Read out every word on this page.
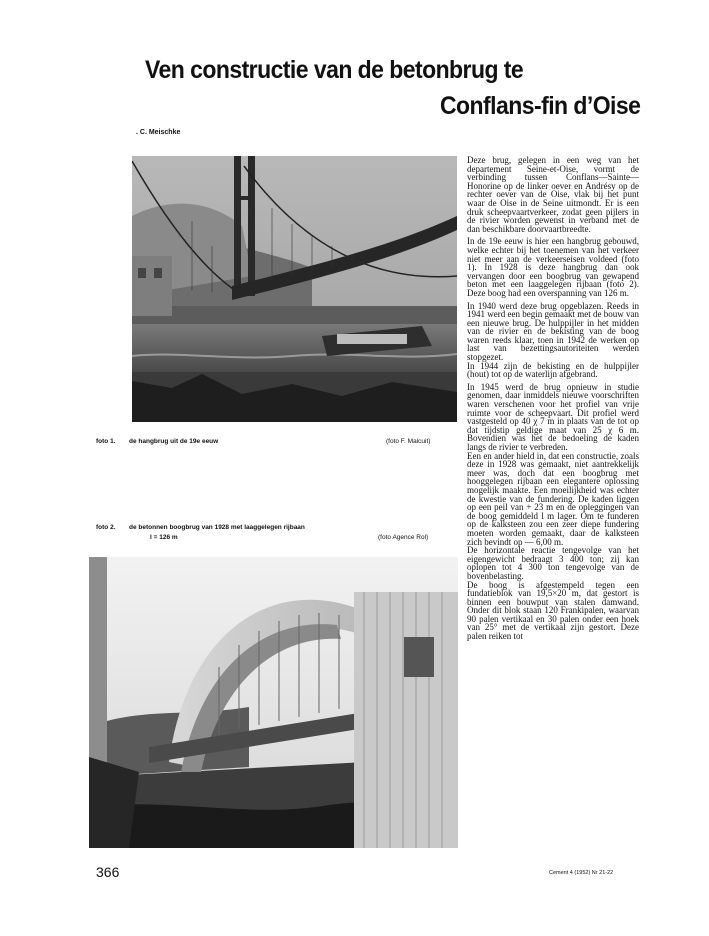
Ven constructie van de betonbrug te
Conflans-fin d’Oise
. C. Meischke
foto 1. de hangbrug uit de 19e eeuw	(foto F. Malcuit)
foto 2. de betonnen boogbrug van 1928 met laaggelegen rijbaan
l = 126 m	(foto Agence Rol)

Deze brug, gelegen in een weg van het departement Seine-et-Oise, vormt de verbinding tussen Conflans—Sainte—Honorine op de linker oever en Andrésy op de rechter oever van de Oise, vlak bij het punt waar de Oise in de Seine uitmondt. Er is een druk scheepvaartverkeer, zodat geen pijlers in de rivier worden gewenst in verband met de dan beschikbare doorvaartbreedte.

In de 19e eeuw is hier een hangbrug gebouwd, welke echter bij het toenemen van het verkeer niet meer aan de verkeerseisen voldeed (foto 1). In 1928 is deze hangbrug dan ook vervangen door een boogbrug van gewapend beton met een laaggelegen rijbaan (foto 2). Deze boog had een overspanning van 126 m.

In 1940 werd deze brug opgeblazen. Reeds in 1941 werd een begin gemaakt met de bouw van een nieuwe brug. De hulppijler in het midden van de rivier en de bekisting van de boog waren reeds klaar, toen in 1942 de werken op last van bezettingsautoriteiten werden stopgezet.

In 1944 zijn de bekisting en de hulppijler (hout) tot op de waterlijn afgebrand.

In 1945 werd de brug opnieuw in studie genomen, daar inmiddels nieuwe voorschriften waren verschenen voor het profiel van vrije ruimte voor de scheepvaart. Dit profiel werd vastgesteld op 40 χ 7 m in plaats van de tot op dat tijdstip geldige maat van 25 χ 6 m. Bovendien was het de bedoeling de kaden langs de rivier te verbreden.

Een en ander hield in, dat een constructie, zoals deze in 1928 was gemaakt, niet aantrekkelijk meer was, doch dat een boogbrug met hooggelegen rijbaan een elegantere oplossing mogelijk maakte. Een moeilijkheid was echter de kwestie van de fundering. De kaden liggen op een peil van + 23 m en de opleggingen van de boog gemiddeld l m lager. Om te funderen op de kalksteen zou een zeer diepe fundering moeten worden gemaakt, daar de kalksteen zich bevindt op — 6,00 m.

De horizontale reactie tengevolge van het eigengewicht bedraagt 3 400 ton; zij kan oplopen tot 4 300 ton tengevolge van de bovenbelasting.

De boog is afgestempeld tegen een fundatieblok van 19,5×20 m, dat gestort is binnen een bouwput van stalen damwand. Onder dit blok staan 120 Frankipalen, waarvan 90 palen vertikaal en 30 palen onder een hoek van 25° met de vertikaal zijn gestort. Deze palen reiken tot

366	Cement 4 (1952) Nr 21-22
